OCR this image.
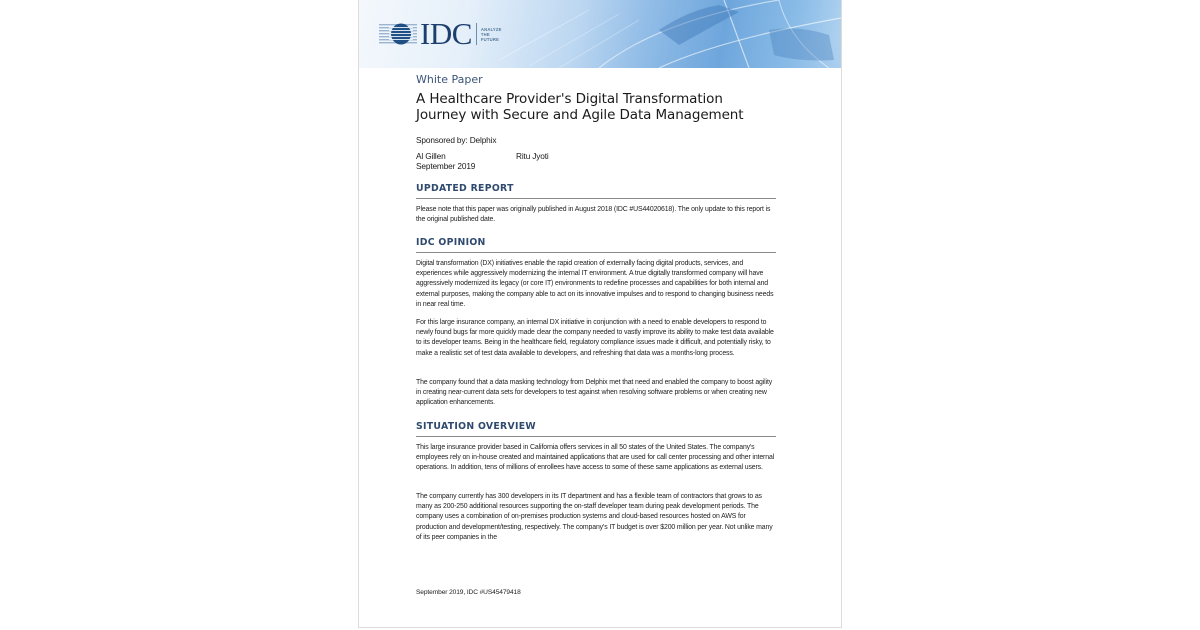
IDC ANALYZE
THE
FUTURE
White Paper
A Healthcare Provider's Digital Transformation Journey with Secure and Agile Data Management
Sponsored by: Delphix
Al Gillen	Ritu Jyoti
September 2019
UPDATED REPORT
Please note that this paper was originally published in August 2018 (IDC #US44020618). The only update to this report is the original published date.
IDC OPINION
Digital transformation (DX) initiatives enable the rapid creation of externally facing digital products, services, and experiences while aggressively modernizing the internal IT environment. A true digitally transformed company will have aggressively modernized its legacy (or core IT) environments to redefine processes and capabilities for both internal and external purposes, making the company able to act on its innovative impulses and to respond to changing business needs in near real time.
For this large insurance company, an internal DX initiative in conjunction with a need to enable developers to respond to newly found bugs far more quickly made clear the company needed to vastly improve its ability to make test data available to its developer teams. Being in the healthcare field, regulatory compliance issues made it difficult, and potentially risky, to make a realistic set of test data available to developers, and refreshing that data was a months-long process.
The company found that a data masking technology from Delphix met that need and enabled the company to boost agility in creating near-current data sets for developers to test against when resolving software problems or when creating new application enhancements.
SITUATION OVERVIEW
This large insurance provider based in California offers services in all 50 states of the United States. The company's employees rely on in-house created and maintained applications that are used for call center processing and other internal operations. In addition, tens of millions of enrollees have access to some of these same applications as external users.
The company currently has 300 developers in its IT department and has a flexible team of contractors that grows to as many as 200-250 additional resources supporting the on-staff developer team during peak development periods. The company uses a combination of on-premises production systems and cloud-based resources hosted on AWS for production and development/testing, respectively. The company's IT budget is over $200 million per year. Not unlike many of its peer companies in the
September 2019, IDC #US45479418
